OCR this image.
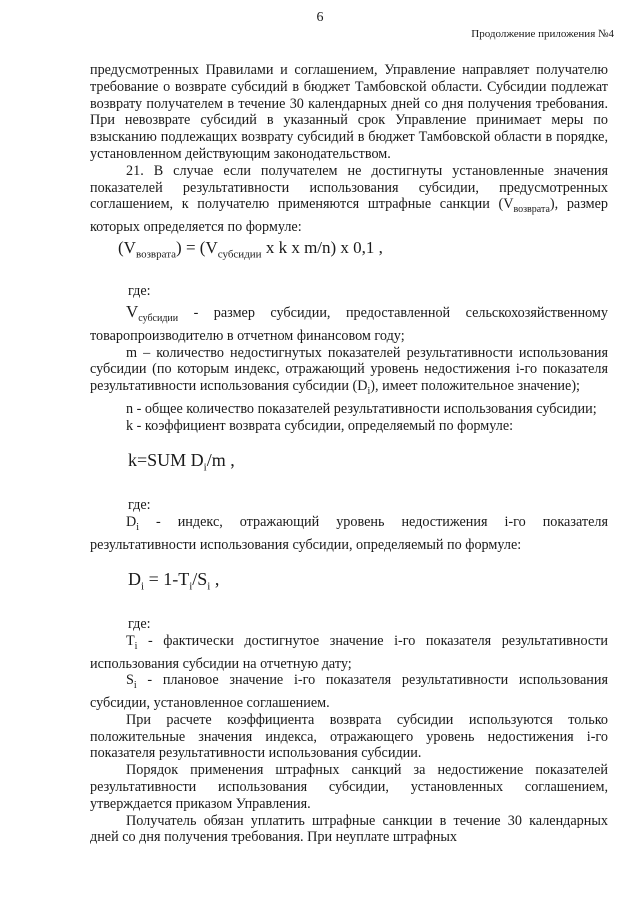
6
Продолжение приложения №4

предусмотренных Правилами и соглашением, Управление направляет получателю требование о возврате субсидий в бюджет Тамбовской области. Субсидии подлежат возврату получателем в течение 30 календарных дней со дня получения требования. При невозврате субсидий в указанный срок Управление принимает меры по взысканию подлежащих возврату субсидий в бюджет Тамбовской области в порядке, установленном действующим законодательством.

21. В случае если получателем не достигнуты установленные значения показателей результативности использования субсидии, предусмотренных соглашением, к получателю применяются штрафные санкции $(V_{возврата})$, размер которых определяется по формуле:

$(V_{возврата}) = (V_{субсидии}$ x k x m/n) x 0,1 ,
где:

$V_{субсидии}$ - размер субсидии, предоставленной сельскохозяйственному товаропроизводителю в отчетном финансовом году;

m – количество недостигнутых показателей результативности использования субсидии (по которым индекс, отражающий уровень недостижения i-го показателя результативности использования субсидии $(D_i)$, имеет положительное значение);

n - общее количество показателей результативности использования субсидии;

k - коэффициент возврата субсидии, определяемый по формуле:

k=SUM $D_i/m$ ,
где:

$D_i$ - индекс, отражающий уровень недостижения i-го показателя результативности использования субсидии, определяемый по формуле:

$D_i = 1-T_i/S_i$ ,
где:

$T_i$ - фактически достигнутое значение i-го показателя результативности использования субсидии на отчетную дату;

$S_i$ - плановое значение i-го показателя результативности использования субсидии, установленное соглашением.

При расчете коэффициента возврата субсидии используются только положительные значения индекса, отражающего уровень недостижения i-го показателя результативности использования субсидии.

Порядок применения штрафных санкций за недостижение показателей результативности использования субсидии, установленных соглашением, утверждается приказом Управления.

Получатель обязан уплатить штрафные санкции в течение 30 календарных дней со дня получения требования. При неуплате штрафных
